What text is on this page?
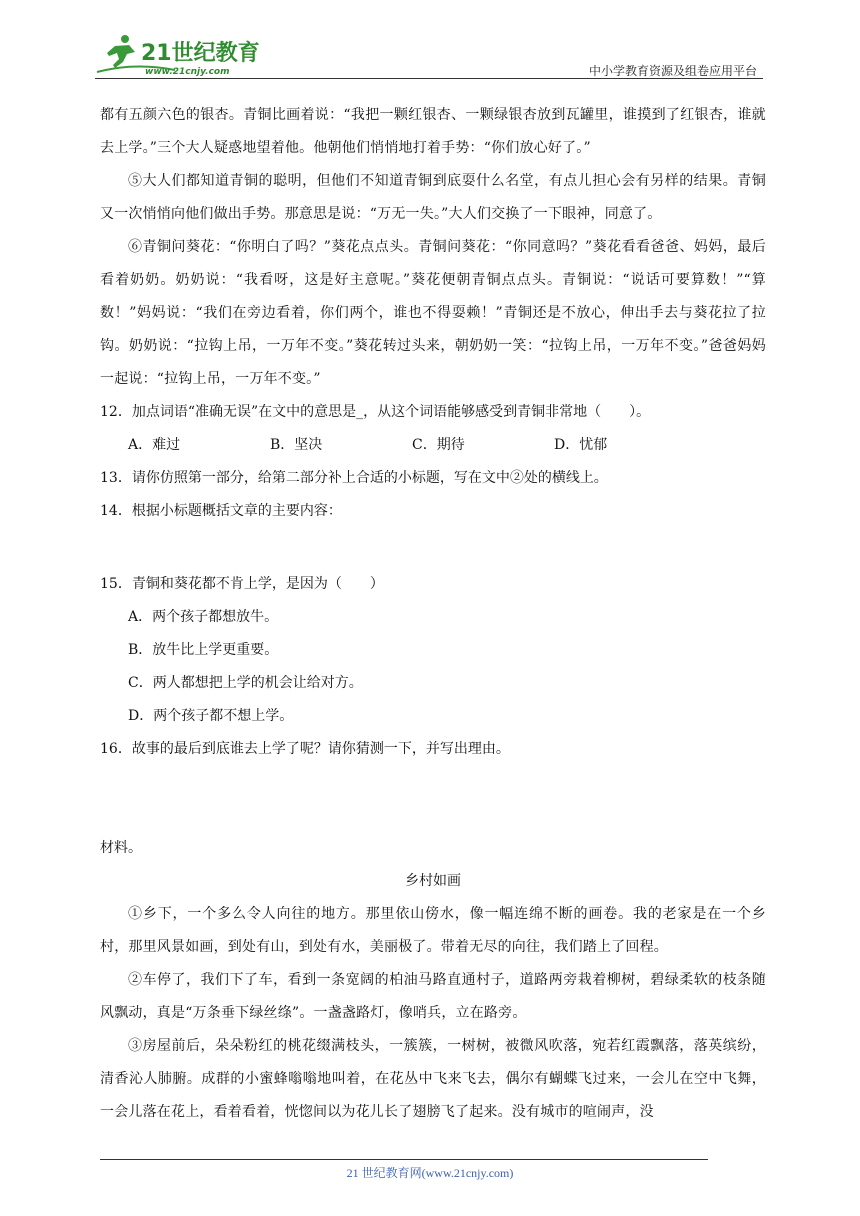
21世纪教育
www.21cnjy.com	中小学教育资源及组卷应用平台

都有五颜六色的银杏。青铜比画着说：“我把一颗红银杏、一颗绿银杏放到瓦罐里，谁摸到了红银杏，谁就去上学。”三个大人疑惑地望着他。他朝他们悄悄地打着手势：“你们放心好了。”

⑤大人们都知道青铜的聪明，但他们不知道青铜到底耍什么名堂，有点儿担心会有另样的结果。青铜又一次悄悄向他们做出手势。那意思是说：“万无一失。”大人们交换了一下眼神，同意了。

⑥青铜问葵花：“你明白了吗？”葵花点点头。青铜问葵花：“你同意吗？”葵花看看爸爸、妈妈，最后看着奶奶。奶奶说：“我看呀，这是好主意呢。”葵花便朝青铜点点头。青铜说：“说话可要算数！”“算数！”妈妈说：“我们在旁边看着，你们两个，谁也不得耍赖！”青铜还是不放心，伸出手去与葵花拉了拉钩。奶奶说：“拉钩上吊，一万年不变。”葵花转过头来，朝奶奶一笑：“拉钩上吊，一万年不变。”爸爸妈妈一起说：“拉钩上吊，一万年不变。”

12．加点词语“准确无误”在文中的意思是_，从这个词语能够感受到青铜非常地（　　）。

A．难过	B．坚决	C．期待	D．忧郁

13．请你仿照第一部分，给第二部分补上合适的小标题，写在文中②处的横线上。

14．根据小标题概括文章的主要内容：

15．青铜和葵花都不肯上学，是因为（　　）

A．两个孩子都想放牛。

B．放牛比上学更重要。

C．两人都想把上学的机会让给对方。

D．两个孩子都不想上学。

16．故事的最后到底谁去上学了呢？请你猜测一下，并写出理由。

材料。

乡村如画

①乡下，一个多么令人向往的地方。那里依山傍水，像一幅连绵不断的画卷。我的老家是在一个乡村，那里风景如画，到处有山，到处有水，美丽极了。带着无尽的向往，我们踏上了回程。

②车停了，我们下了车，看到一条宽阔的柏油马路直通村子，道路两旁栽着柳树，碧绿柔软的枝条随风飘动，真是“万条垂下绿丝绦”。一盏盏路灯，像哨兵，立在路旁。

③房屋前后，朵朵粉红的桃花缀满枝头，一簇簇，一树树，被微风吹落，宛若红霞飘落，落英缤纷，清香沁人肺腑。成群的小蜜蜂嗡嗡地叫着，在花丛中飞来飞去，偶尔有蝴蝶飞过来，一会儿在空中飞舞，一会儿落在花上，看着看着，恍惚间以为花儿长了翅膀飞了起来。没有城市的喧闹声，没

21 世纪教育网(www.21cnjy.com)
